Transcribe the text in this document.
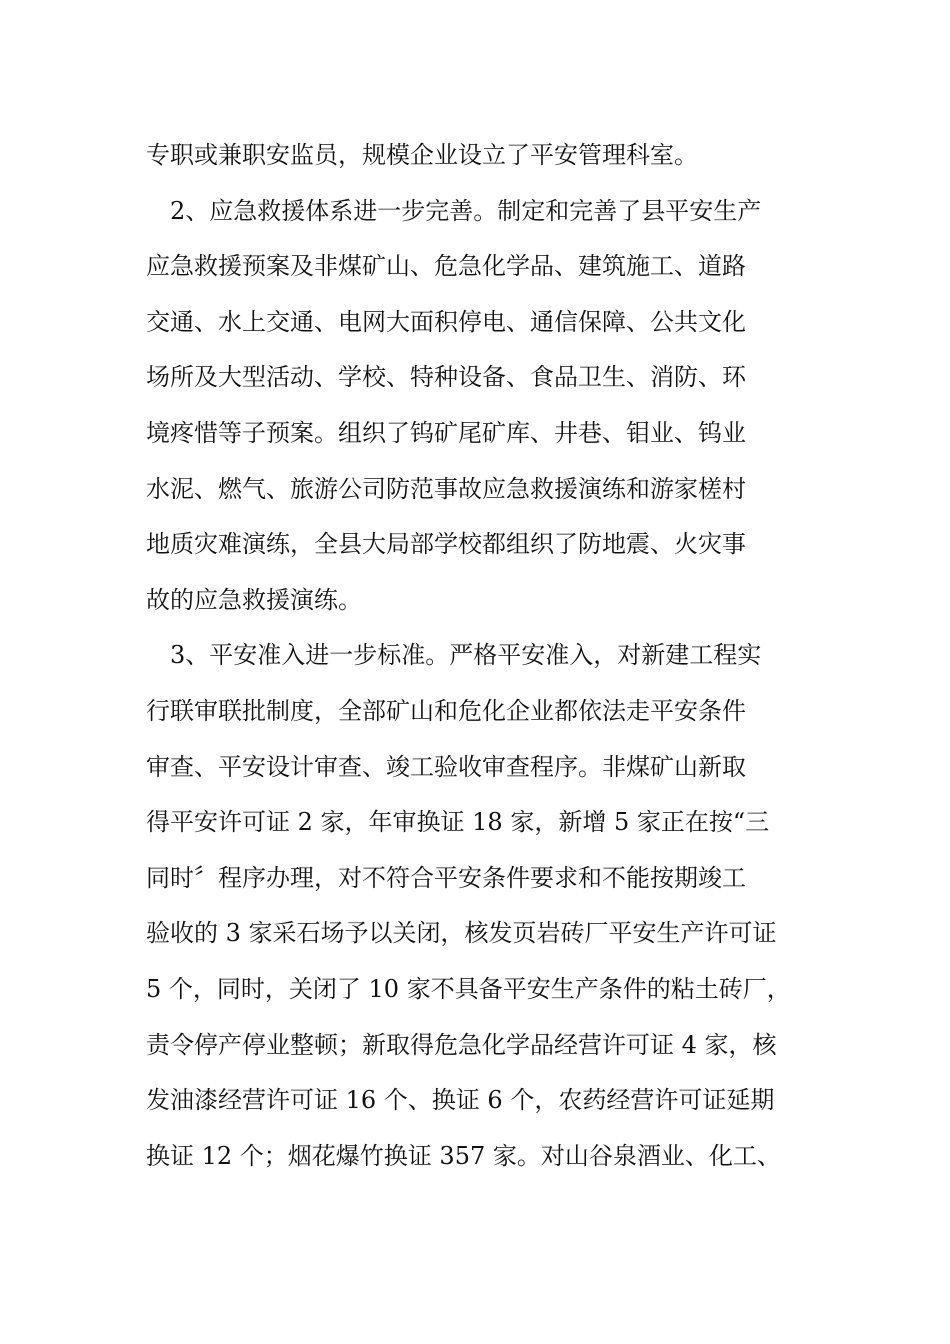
专职或兼职安监员，规模企业设立了平安管理科室。
2、应急救援体系进一步完善。制定和完善了县平安生产
应急救援预案及非煤矿山、危急化学品、建筑施工、道路
交通、水上交通、电网大面积停电、通信保障、公共文化
场所及大型活动、学校、特种设备、食品卫生、消防、环
境疼惜等子预案。组织了钨矿尾矿库、井巷、钼业、钨业
水泥、燃气、旅游公司防范事故应急救援演练和游家槎村
地质灾难演练，全县大局部学校都组织了防地震、火灾事
故的应急救援演练。
3、平安准入进一步标准。严格平安准入，对新建工程实
行联审联批制度，全部矿山和危化企业都依法走平安条件
审查、平安设计审查、竣工验收审查程序。非煤矿山新取
得平安许可证 2 家，年审换证 18 家，新增 5 家正在按“三
同时〞程序办理，对不符合平安条件要求和不能按期竣工
验收的 3 家采石场予以关闭，核发页岩砖厂平安生产许可证
5 个，同时，关闭了 10 家不具备平安生产条件的粘土砖厂，
责令停产停业整顿；新取得危急化学品经营许可证 4 家，核
发油漆经营许可证 16 个、换证 6 个，农药经营许可证延期
换证 12 个；烟花爆竹换证 357 家。对山谷泉酒业、化工、
